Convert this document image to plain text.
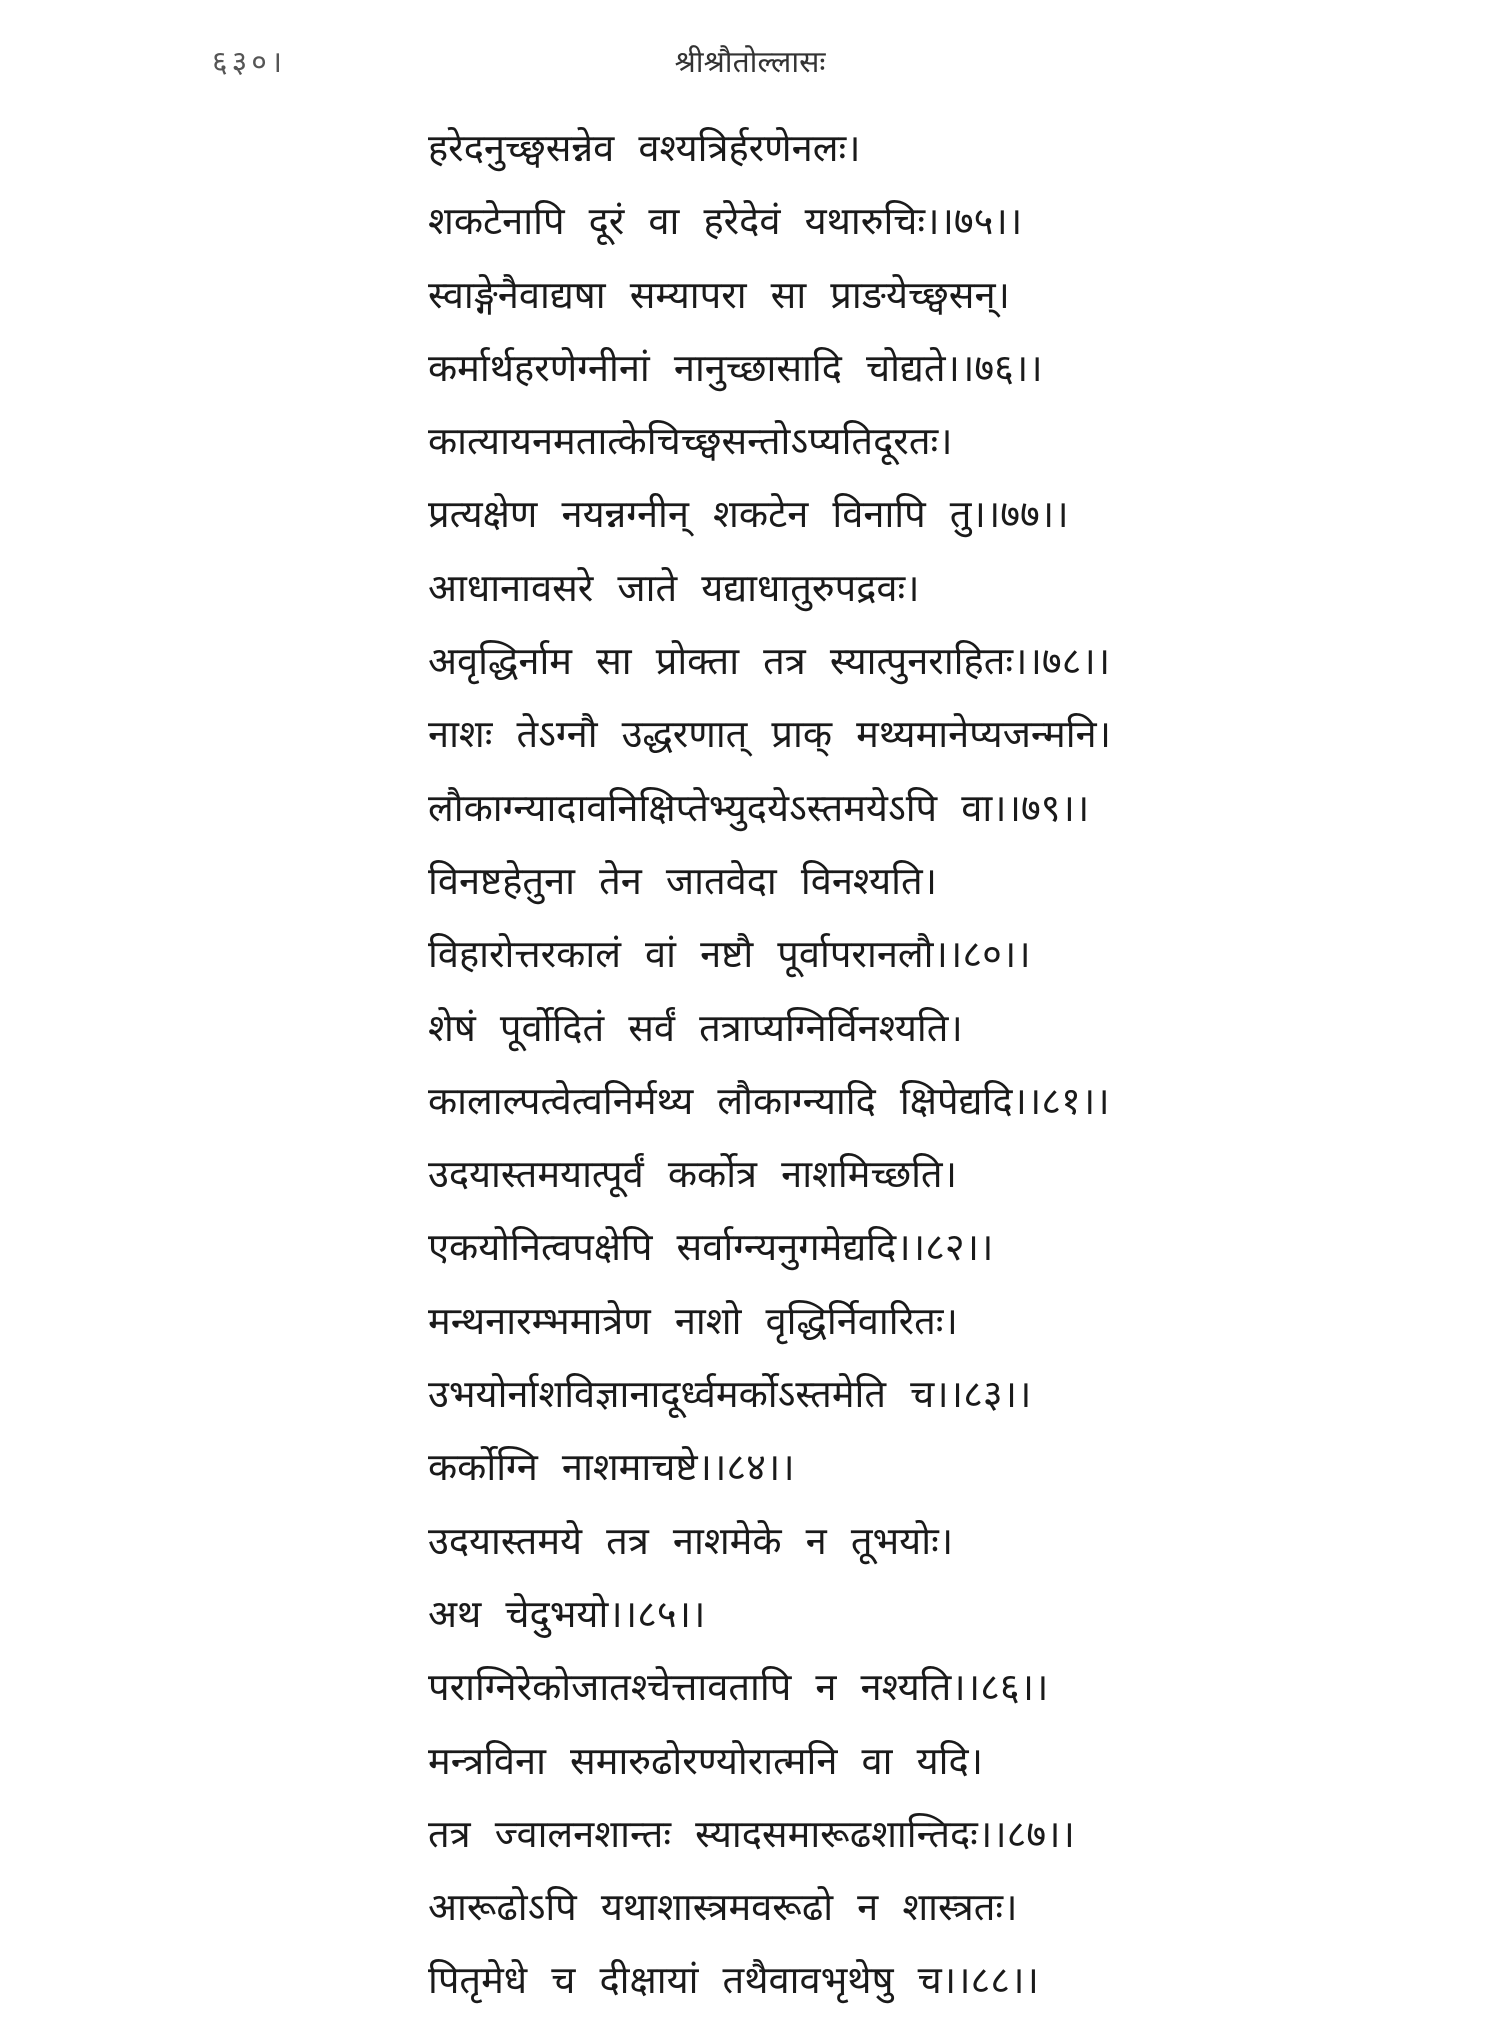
६३०।	श्रीश्रौतोल्लासः
हरेदनुच्छ्वसन्नेव वश्यत्रिर्हरणेनलः।
शकटेनापि दूरं वा हरेदेवं यथारुचिः।।७५।।
स्वाङ्गेनैवाद्यषा सम्यापरा सा प्राङयेच्छ्वसन्।
कर्मार्थहरणेग्नीनां नानुच्छासादि चोद्यते।।७६।।
कात्यायनमतात्केचिच्छ्वसन्तोऽप्यतिदूरतः।
प्रत्यक्षेण नयन्नग्नीन् शकटेन विनापि तु।।७७।।
आधानावसरे जाते यद्याधातुरुपद्रवः।
अवृद्धिर्नाम सा प्रोक्ता तत्र स्यात्पुनराहितः।।७८।।
नाशः तेऽग्नौ उद्धरणात् प्राक् मथ्यमानेप्यजन्मनि।
लौकाग्न्यादावनिक्षिप्तेभ्युदयेऽस्तमयेऽपि वा।।७९।।
विनष्टहेतुना तेन जातवेदा विनश्यति।
विहारोत्तरकालं वां नष्टौ पूर्वापरानलौ।।८०।।
शेषं पूर्वोदितं सर्वं तत्राप्यग्निर्विनश्यति।
कालाल्पत्वेत्वनिर्मथ्य लौकाग्न्यादि क्षिपेद्यदि।।८१।।
उदयास्तमयात्पूर्वं कर्कोत्र नाशमिच्छति।
एकयोनित्वपक्षेपि सर्वाग्न्यनुगमेद्यदि।।८२।।
मन्थनारम्भमात्रेण नाशो वृद्धिर्निवारितः।
उभयोर्नाशविज्ञानादूर्ध्वमर्कोऽस्तमेति च।।८३।।
कर्कोग्नि नाशमाचष्टे।।८४।।
उदयास्तमये तत्र नाशमेके न तूभयोः।
अथ चेदुभयो।।८५।।
पराग्निरेकोजातश्चेत्तावतापि न नश्यति।।८६।।
मन्त्रविना समारुढोरण्योरात्मनि वा यदि।
तत्र ज्वालनशान्तः स्यादसमारूढशान्तिदः।।८७।।
आरूढोऽपि यथाशास्त्रमवरूढो न शास्त्रतः।
पितृमेधे च दीक्षायां तथैवावभृथेषु च।।८८।।
